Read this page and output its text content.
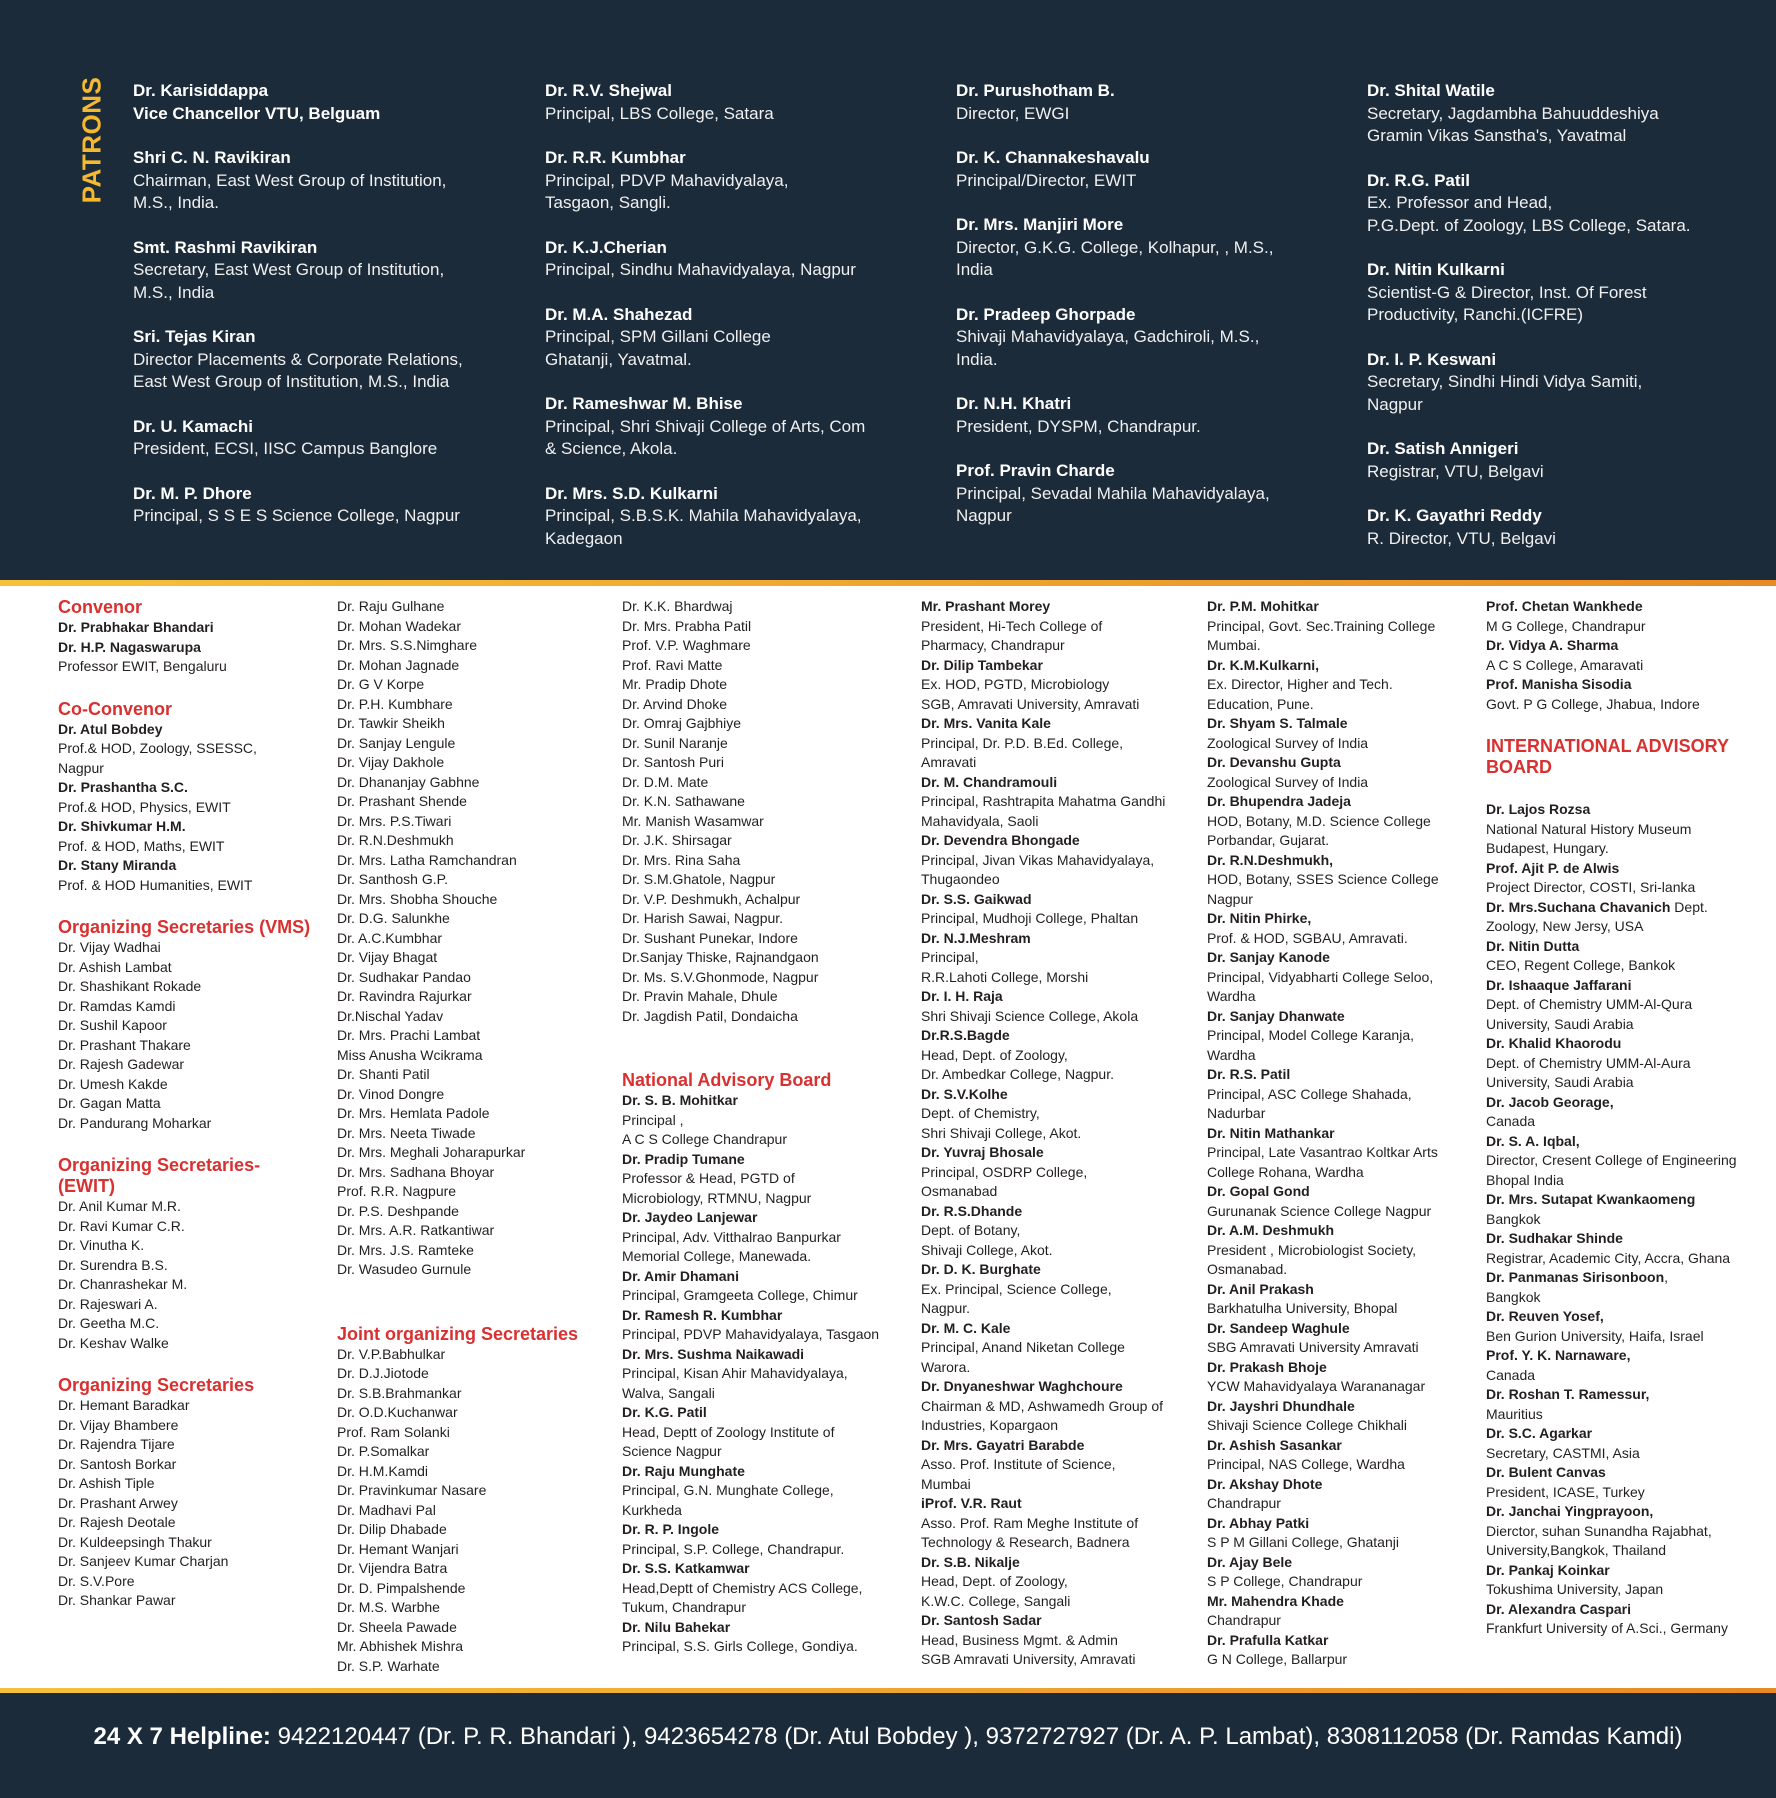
PATRONS Dr. Karisiddappa
Vice Chancellor VTU, Belguam
Shri C. N. Ravikiran
Chairman, East West Group of Institution,
M.S., India.
Smt. Rashmi Ravikiran
Secretary, East West Group of Institution,
M.S., India
Sri. Tejas Kiran
Director Placements & Corporate Relations,
East West Group of Institution, M.S., India
Dr. U. Kamachi
President, ECSI, IISC Campus Banglore
Dr. M. P. Dhore
Principal, S S E S Science College, Nagpur
Dr. R.V. Shejwal
Principal, LBS College, Satara
Dr. R.R. Kumbhar
Principal, PDVP Mahavidyalaya,
Tasgaon, Sangli.
Dr. K.J.Cherian
Principal, Sindhu Mahavidyalaya, Nagpur
Dr. M.A. Shahezad
Principal, SPM Gillani College
Ghatanji, Yavatmal.
Dr. Rameshwar M. Bhise
Principal, Shri Shivaji College of Arts, Com
& Science, Akola.
Dr. Mrs. S.D. Kulkarni
Principal, S.B.S.K. Mahila Mahavidyalaya,
Kadegaon
Dr. Purushotham B.
Director, EWGI
Dr. K. Channakeshavalu
Principal/Director, EWIT
Dr. Mrs. Manjiri More
Director, G.K.G. College, Kolhapur, , M.S.,
India
Dr. Pradeep Ghorpade
Shivaji Mahavidyalaya, Gadchiroli, M.S.,
India.
Dr. N.H. Khatri
President, DYSPM, Chandrapur.
Prof. Pravin Charde
Principal, Sevadal Mahila Mahavidyalaya,
Nagpur
Dr. Shital Watile
Secretary, Jagdambha Bahuuddeshiya
Gramin Vikas Sanstha's, Yavatmal
Dr. R.G. Patil
Ex. Professor and Head,
P.G.Dept. of Zoology, LBS College, Satara.
Dr. Nitin Kulkarni
Scientist-G & Director, Inst. Of Forest
Productivity, Ranchi.(ICFRE)
Dr. I. P. Keswani
Secretary, Sindhi Hindi Vidya Samiti,
Nagpur
Dr. Satish Annigeri
Registrar, VTU, Belgavi
Dr. K. Gayathri Reddy
R. Director, VTU, Belgavi
Convenor
Dr. Prabhakar Bhandari
Dr. H.P. Nagaswarupa
Professor EWIT, Bengaluru
Co-Convenor
Dr. Atul Bobdey
Prof.& HOD, Zoology, SSESSC,
Nagpur
Dr. Prashantha S.C.
Prof.& HOD, Physics, EWIT
Dr. Shivkumar H.M.
Prof. & HOD, Maths, EWIT
Dr. Stany Miranda
Prof. & HOD Humanities, EWIT
Organizing Secretaries (VMS)
Dr. Vijay Wadhai
Dr. Ashish Lambat
Dr. Shashikant Rokade
Dr. Ramdas Kamdi
Dr. Sushil Kapoor
Dr. Prashant Thakare
Dr. Rajesh Gadewar
Dr. Umesh Kakde
Dr. Gagan Matta
Dr. Pandurang Moharkar
Organizing Secretaries-
(EWIT)
Dr. Anil Kumar M.R.
Dr. Ravi Kumar C.R.
Dr. Vinutha K.
Dr. Surendra B.S.
Dr. Chanrashekar M.
Dr. Rajeswari A.
Dr. Geetha M.C.
Dr. Keshav Walke
Organizing Secretaries
Dr. Hemant Baradkar
Dr. Vijay Bhambere
Dr. Rajendra Tijare
Dr. Santosh Borkar
Dr. Ashish Tiple
Dr. Prashant Arwey
Dr. Rajesh Deotale
Dr. Kuldeepsingh Thakur
Dr. Sanjeev Kumar Charjan
Dr. S.V.Pore
Dr. Shankar Pawar
Dr. Raju Gulhane
Dr. Mohan Wadekar
Dr. Mrs. S.S.Nimghare
Dr. Mohan Jagnade
Dr. G V Korpe
Dr. P.H. Kumbhare
Dr. Tawkir Sheikh
Dr. Sanjay Lengule
Dr. Vijay Dakhole
Dr. Dhananjay Gabhne
Dr. Prashant Shende
Dr. Mrs. P.S.Tiwari
Dr. R.N.Deshmukh
Dr. Mrs. Latha Ramchandran
Dr. Santhosh G.P.
Dr. Mrs. Shobha Shouche
Dr. D.G. Salunkhe
Dr. A.C.Kumbhar
Dr. Vijay Bhagat
Dr. Sudhakar Pandao
Dr. Ravindra Rajurkar
Dr.Nischal Yadav
Dr. Mrs. Prachi Lambat
Miss Anusha Wcikrama
Dr. Shanti Patil
Dr. Vinod Dongre
Dr. Mrs. Hemlata Padole
Dr. Mrs. Neeta Tiwade
Dr. Mrs. Meghali Joharapurkar
Dr. Mrs. Sadhana Bhoyar
Prof. R.R. Nagpure
Dr. P.S. Deshpande
Dr. Mrs. A.R. Ratkantiwar
Dr. Mrs. J.S. Ramteke
Dr. Wasudeo Gurnule
Joint organizing Secretaries
Dr. V.P.Babhulkar
Dr. D.J.Jiotode
Dr. S.B.Brahmankar
Dr. O.D.Kuchanwar
Prof. Ram Solanki
Dr. P.Somalkar
Dr. H.M.Kamdi
Dr. Pravinkumar Nasare
Dr. Madhavi Pal
Dr. Dilip Dhabade
Dr. Hemant Wanjari
Dr. Vijendra Batra
Dr. D. Pimpalshende
Dr. M.S. Warbhe
Dr. Sheela Pawade
Mr. Abhishek Mishra
Dr. S.P. Warhate
Dr. K.K. Bhardwaj
Dr. Mrs. Prabha Patil
Prof. V.P. Waghmare
Prof. Ravi Matte
Mr. Pradip Dhote
Dr. Arvind Dhoke
Dr. Omraj Gajbhiye
Dr. Sunil Naranje
Dr. Santosh Puri
Dr. D.M. Mate
Dr. K.N. Sathawane
Mr. Manish Wasamwar
Dr. J.K. Shirsagar
Dr. Mrs. Rina Saha
Dr. S.M.Ghatole, Nagpur
Dr. V.P. Deshmukh, Achalpur
Dr. Harish Sawai, Nagpur.
Dr. Sushant Punekar, Indore
Dr.Sanjay Thiske, Rajnandgaon
Dr. Ms. S.V.Ghonmode, Nagpur
Dr. Pravin Mahale, Dhule
Dr. Jagdish Patil, Dondaicha
National Advisory Board
Dr. S. B. Mohitkar
Principal ,
A C S College Chandrapur
Dr. Pradip Tumane
Professor & Head, PGTD of
Microbiology, RTMNU, Nagpur
Dr. Jaydeo Lanjewar
Principal, Adv. Vitthalrao Banpurkar
Memorial College, Manewada.
Dr. Amir Dhamani
Principal, Gramgeeta College, Chimur
Dr. Ramesh R. Kumbhar
Principal, PDVP Mahavidyalaya, Tasgaon
Dr. Mrs. Sushma Naikawadi
Principal, Kisan Ahir Mahavidyalaya,
Walva, Sangali
Dr. K.G. Patil
Head, Deptt of Zoology Institute of
Science Nagpur
Dr. Raju Munghate
Principal, G.N. Munghate College,
Kurkheda
Dr. R. P. Ingole
Principal, S.P. College, Chandrapur.
Dr. S.S. Katkamwar
Head,Deptt of Chemistry ACS College,
Tukum, Chandrapur
Dr. Nilu Bahekar
Principal, S.S. Girls College, Gondiya.
Mr. Prashant Morey
President, Hi-Tech College of
Pharmacy, Chandrapur
Dr. Dilip Tambekar
Ex. HOD, PGTD, Microbiology
SGB, Amravati University, Amravati
Dr. Mrs. Vanita Kale
Principal, Dr. P.D. B.Ed. College,
Amravati
Dr. M. Chandramouli
Principal, Rashtrapita Mahatma Gandhi
Mahavidyala, Saoli
Dr. Devendra Bhongade
Principal, Jivan Vikas Mahavidyalaya,
Thugaondeo
Dr. S.S. Gaikwad
Principal, Mudhoji College, Phaltan
Dr. N.J.Meshram
Principal,
R.R.Lahoti College, Morshi
Dr. I. H. Raja
Shri Shivaji Science College, Akola
Dr.R.S.Bagde
Head, Dept. of Zoology,
Dr. Ambedkar College, Nagpur.
Dr. S.V.Kolhe
Dept. of Chemistry,
Shri Shivaji College, Akot.
Dr. Yuvraj Bhosale
Principal, OSDRP College,
Osmanabad
Dr. R.S.Dhande
Dept. of Botany,
Shivaji College, Akot.
Dr. D. K. Burghate
Ex. Principal, Science College,
Nagpur.
Dr. M. C. Kale
Principal, Anand Niketan College
Warora.
Dr. Dnyaneshwar Waghchoure
Chairman & MD, Ashwamedh Group of
Industries, Kopargaon
Dr. Mrs. Gayatri Barabde
Asso. Prof. Institute of Science,
Mumbai
iProf. V.R. Raut
Asso. Prof. Ram Meghe Institute of
Technology & Research, Badnera
Dr. S.B. Nikalje
Head, Dept. of Zoology,
K.W.C. College, Sangali
Dr. Santosh Sadar
Head, Business Mgmt. & Admin
SGB Amravati University, Amravati
Dr. P.M. Mohitkar
Principal, Govt. Sec.Training College
Mumbai.
Dr. K.M.Kulkarni,
Ex. Director, Higher and Tech.
Education, Pune.
Dr. Shyam S. Talmale
Zoological Survey of India
Dr. Devanshu Gupta
Zoological Survey of India
Dr. Bhupendra Jadeja
HOD, Botany, M.D. Science College
Porbandar, Gujarat.
Dr. R.N.Deshmukh,
HOD, Botany, SSES Science College
Nagpur
Dr. Nitin Phirke,
Prof. & HOD, SGBAU, Amravati.
Dr. Sanjay Kanode
Principal, Vidyabharti College Seloo,
Wardha
Dr. Sanjay Dhanwate
Principal, Model College Karanja,
Wardha
Dr. R.S. Patil
Principal, ASC College Shahada,
Nadurbar
Dr. Nitin Mathankar
Principal, Late Vasantrao Koltkar Arts
College Rohana, Wardha
Dr. Gopal Gond
Gurunanak Science College Nagpur
Dr. A.M. Deshmukh
President , Microbiologist Society,
Osmanabad.
Dr. Anil Prakash
Barkhatulha University, Bhopal
Dr. Sandeep Waghule
SBG Amravati University Amravati
Dr. Prakash Bhoje
YCW Mahavidyalaya Warananagar
Dr. Jayshri Dhundhale
Shivaji Science College Chikhali
Dr. Ashish Sasankar
Principal, NAS College, Wardha
Dr. Akshay Dhote
Chandrapur
Dr. Abhay Patki
S P M Gillani College, Ghatanji
Dr. Ajay Bele
S P College, Chandrapur
Mr. Mahendra Khade
Chandrapur
Dr. Prafulla Katkar
G N College, Ballarpur
Prof. Chetan Wankhede
M G College, Chandrapur
Dr. Vidya A. Sharma
A C S College, Amaravati
Prof. Manisha Sisodia
Govt. P G College, Jhabua, Indore
INTERNATIONAL ADVISORY
BOARD
Dr. Lajos Rozsa
National Natural History Museum
Budapest, Hungary.
Prof. Ajit P. de Alwis
Project Director, COSTI, Sri-lanka
Dr. Mrs.Suchana Chavanich Dept.
Zoology, New Jersy, USA
Dr. Nitin Dutta
CEO, Regent College, Bankok
Dr. Ishaaque Jaffarani
Dept. of Chemistry UMM-Al-Qura
University, Saudi Arabia
Dr. Khalid Khaorodu
Dept. of Chemistry UMM-Al-Aura
University, Saudi Arabia
Dr. Jacob Georage,
Canada
Dr. S. A. Iqbal,
Director, Cresent College of Engineering
Bhopal India
Dr. Mrs. Sutapat Kwankaomeng
Bangkok
Dr. Sudhakar Shinde
Registrar, Academic City, Accra, Ghana
Dr. Panmanas Sirisonboon,
Bangkok
Dr. Reuven Yosef,
Ben Gurion University, Haifa, Israel
Prof. Y. K. Narnaware,
Canada
Dr. Roshan T. Ramessur,
Mauritius
Dr. S.C. Agarkar
Secretary, CASTMI, Asia
Dr. Bulent Canvas
President, ICASE, Turkey
Dr. Janchai Yingprayoon,
Dierctor, suhan Sunandha Rajabhat,
University,Bangkok, Thailand
Dr. Pankaj Koinkar
Tokushima University, Japan
Dr. Alexandra Caspari
Frankfurt University of A.Sci., Germany
24 X 7 Helpline: 9422120447 (Dr. P. R. Bhandari ), 9423654278 (Dr. Atul Bobdey ), 9372727927 (Dr. A. P. Lambat), 8308112058 (Dr. Ramdas Kamdi)
